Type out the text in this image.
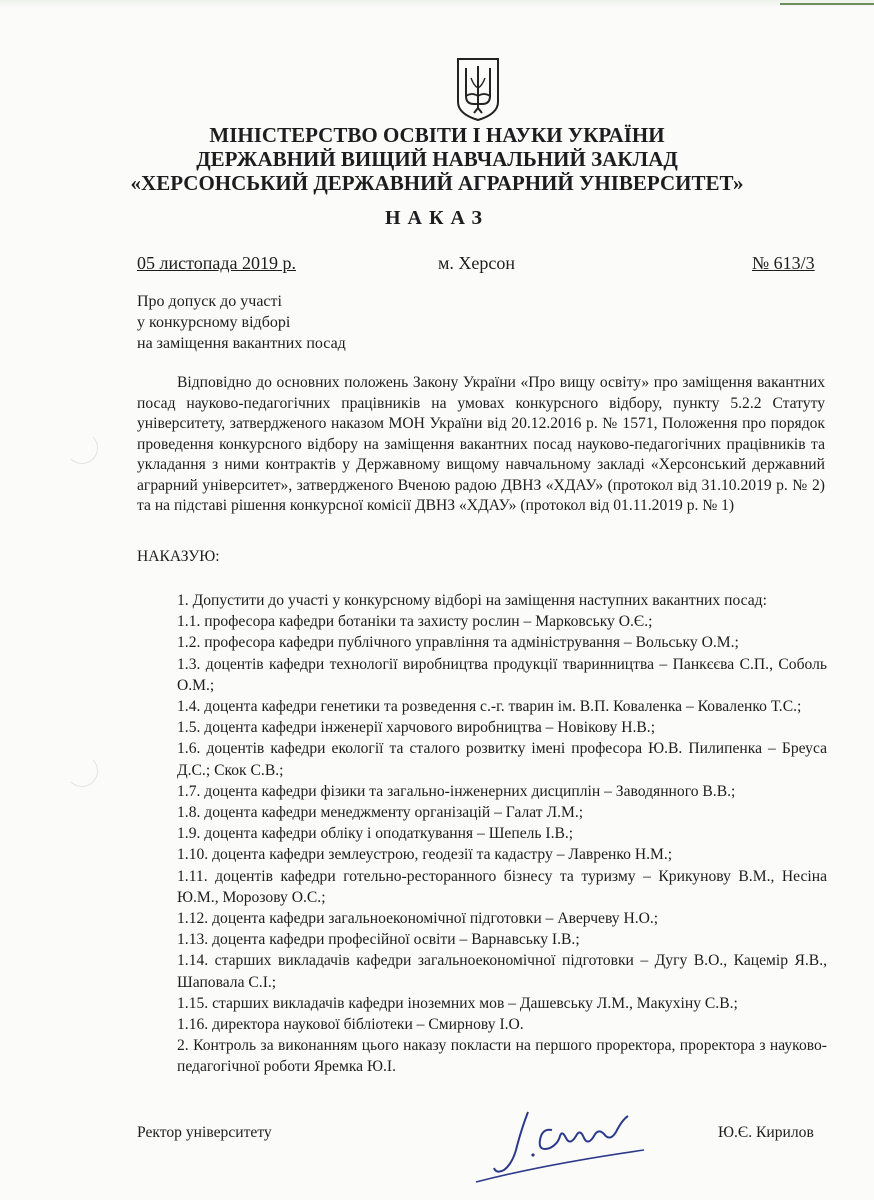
МІНІСТЕРСТВО ОСВІТИ І НАУКИ УКРАЇНИ
ДЕРЖАВНИЙ ВИЩИЙ НАВЧАЛЬНИЙ ЗАКЛАД
«ХЕРСОНСЬКИЙ ДЕРЖАВНИЙ АГРАРНИЙ УНІВЕРСИТЕТ»
НАКАЗ
05 листопада 2019 р.	м. Херсон	№ 613/3
Про допуск до участі
у конкурсному відборі
на заміщення вакантних посад
Відповідно до основних положень Закону України «Про вищу освіту» про заміщення вакантних посад науково-педагогічних працівників на умовах конкурсного відбору, пункту 5.2.2 Статуту університету, затвердженого наказом МОН України від 20.12.2016 р. № 1571, Положення про порядок проведення конкурсного відбору на заміщення вакантних посад науково-педагогічних працівників та укладання з ними контрактів у Державному вищому навчальному закладі «Херсонський державний аграрний університет», затвердженого Вченою радою ДВНЗ «ХДАУ» (протокол від 31.10.2019 р. № 2) та на підставі рішення конкурсної комісії ДВНЗ «ХДАУ» (протокол від 01.11.2019 р. № 1)
НАКАЗУЮ:
1. Допустити до участі у конкурсному відборі на заміщення наступних вакантних посад:
1.1. професора кафедри ботаніки та захисту рослин – Марковську О.Є.;
1.2. професора кафедри публічного управління та адміністрування – Вольську О.М.;
1.3. доцентів кафедри технології виробництва продукції тваринництва – Панкєєва С.П., Соболь О.М.;
1.4. доцента кафедри генетики та розведення с.-г. тварин ім. В.П. Коваленка – Коваленко Т.С.;
1.5. доцента кафедри інженерії харчового виробництва – Новікову Н.В.;
1.6. доцентів кафедри екології та сталого розвитку імені професора Ю.В. Пилипенка – Бреуса Д.С.; Скок С.В.;
1.7. доцента кафедри фізики та загально-інженерних дисциплін – Заводянного В.В.;
1.8. доцента кафедри менеджменту організацій – Галат Л.М.;
1.9. доцента кафедри обліку і оподаткування – Шепель І.В.;
1.10. доцента кафедри землеустрою, геодезії та кадастру – Лавренко Н.М.;
1.11. доцентів кафедри готельно-ресторанного бізнесу та туризму – Крикунову В.М., Несіна Ю.М., Морозову О.С.;
1.12. доцента кафедри загальноекономічної підготовки – Аверчеву Н.О.;
1.13. доцента кафедри професійної освіти – Варнавську І.В.;
1.14. старших викладачів кафедри загальноекономічної підготовки – Дугу В.О., Кацемір Я.В., Шаповала С.І.;
1.15. старших викладачів кафедри іноземних мов – Дашевську Л.М., Макухіну С.В.;
1.16. директора наукової бібліотеки – Смирнову І.О.
2. Контроль за виконанням цього наказу покласти на першого проректора, проректора з науково-педагогічної роботи Яремка Ю.І.
Ректор університету	Ю.Є. Кирилов
